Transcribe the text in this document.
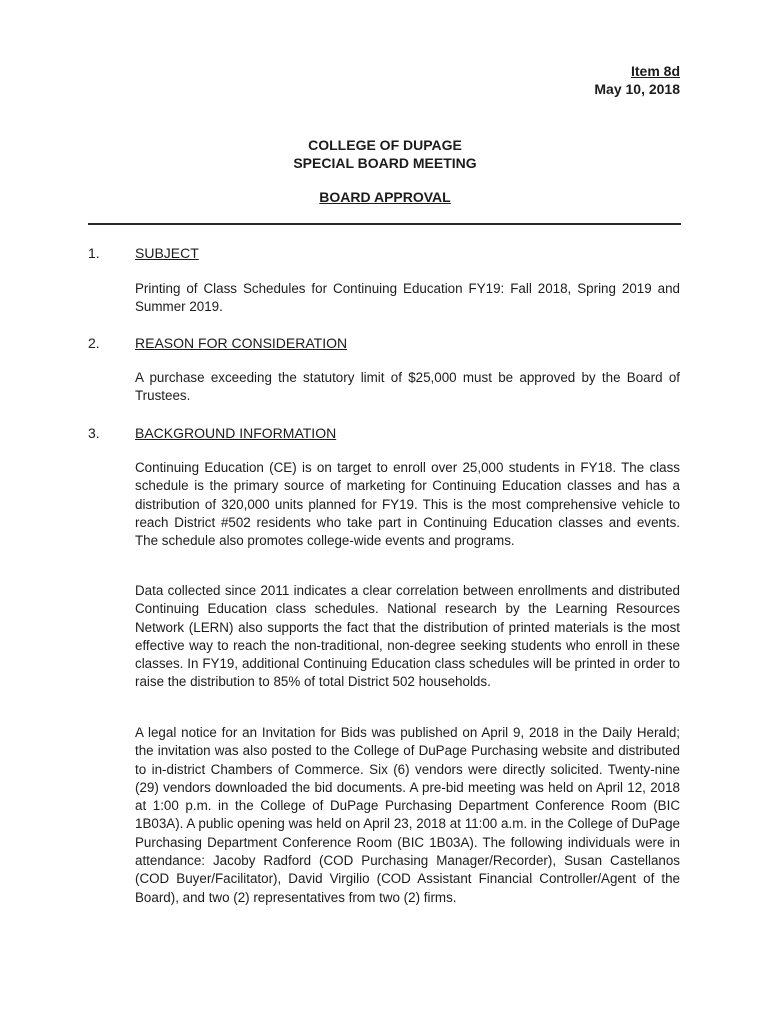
Item 8d
May 10, 2018
COLLEGE OF DUPAGE
SPECIAL BOARD MEETING
BOARD APPROVAL
1.	SUBJECT

Printing of Class Schedules for Continuing Education FY19: Fall 2018, Spring 2019 and Summer 2019.

2.	REASON FOR CONSIDERATION

A purchase exceeding the statutory limit of $25,000 must be approved by the Board of Trustees.

3.	BACKGROUND INFORMATION

Continuing Education (CE) is on target to enroll over 25,000 students in FY18. The class schedule is the primary source of marketing for Continuing Education classes and has a distribution of 320,000 units planned for FY19. This is the most comprehensive vehicle to reach District #502 residents who take part in Continuing Education classes and events. The schedule also promotes college-wide events and programs.

Data collected since 2011 indicates a clear correlation between enrollments and distributed Continuing Education class schedules. National research by the Learning Resources Network (LERN) also supports the fact that the distribution of printed materials is the most effective way to reach the non-traditional, non-degree seeking students who enroll in these classes. In FY19, additional Continuing Education class schedules will be printed in order to raise the distribution to 85% of total District 502 households.

A legal notice for an Invitation for Bids was published on April 9, 2018 in the Daily Herald; the invitation was also posted to the College of DuPage Purchasing website and distributed to in-district Chambers of Commerce. Six (6) vendors were directly solicited. Twenty-nine (29) vendors downloaded the bid documents. A pre-bid meeting was held on April 12, 2018 at 1:00 p.m. in the College of DuPage Purchasing Department Conference Room (BIC 1B03A). A public opening was held on April 23, 2018 at 11:00 a.m. in the College of DuPage Purchasing Department Conference Room (BIC 1B03A). The following individuals were in attendance: Jacoby Radford (COD Purchasing Manager/Recorder), Susan Castellanos (COD Buyer/Facilitator), David Virgilio (COD Assistant Financial Controller/Agent of the Board), and two (2) representatives from two (2) firms.
